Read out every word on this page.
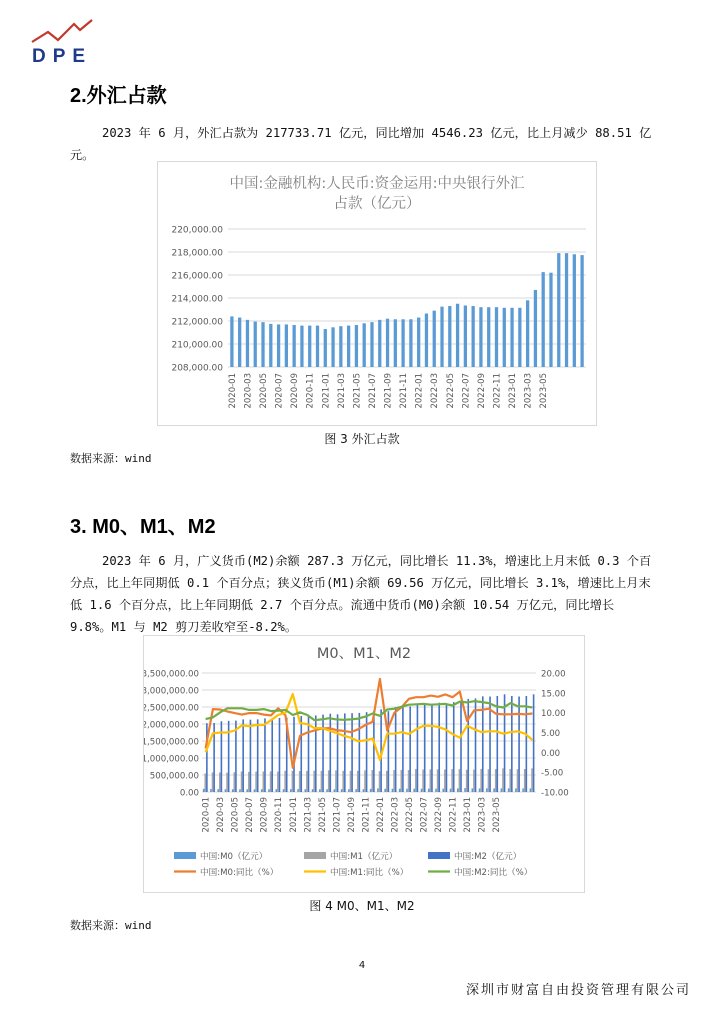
DPE
2.外汇占款

2023 年 6 月，外汇占款为 217733.71 亿元，同比增加 4546.23 亿元，比上月减少 88.51 亿元。

中国:金融机构:人民币:资金运用:中央银行外汇
占款（亿元）
208,000.00
210,000.00
212,000.00
214,000.00
216,000.00
218,000.00
220,000.00
2020-01 2020-03 2020-05 2020-07 2020-09 2020-11 2021-01 2021-03 2021-05 2021-07 2021-09 2021-11 2022-01 2022-03 2022-05 2022-07 2022-09 2022-11 2023-01 2023-03 2023-05
图 3 外汇占款
数据来源：wind
3. M0、M1、M2

2023 年 6 月，广义货币(M2)余额 287.3 万亿元，同比增长 11.3%，增速比上月末低 0.3 个百分点，比上年同期低 0.1 个百分点；狭义货币(M1)余额 69.56 万亿元，同比增长 3.1%，增速比上月末低 1.6 个百分点，比上年同期低 2.7 个百分点。流通中货币(M0)余额 10.54 万亿元，同比增长 9.8%。M1 与 M2 剪刀差收窄至-8.2%。

M0、M1、M2
0.00
500,000.00
1,000,000.00
1,500,000.00
2,000,000.00
2,500,000.00
3,000,000.00
3,500,000.00
-10.00
-5.00
0.00
5.00
10.00
15.00
20.00
2020-01 2020-03 2020-05 2020-07 2020-09 2020-11 2021-01 2021-03 2021-05 2021-07 2021-09 2021-11 2022-01 2022-03 2022-05 2022-07 2022-09 2022-11 2023-01 2023-03 2023-05
中国:M0（亿元）	中国:M1（亿元）	中国:M2（亿元）
中国:M0:同比（%）	中国:M1:同比（%）	中国:M2:同比（%）
图 4 M0、M1、M2
数据来源：wind
4
深圳市财富自由投资管理有限公司
